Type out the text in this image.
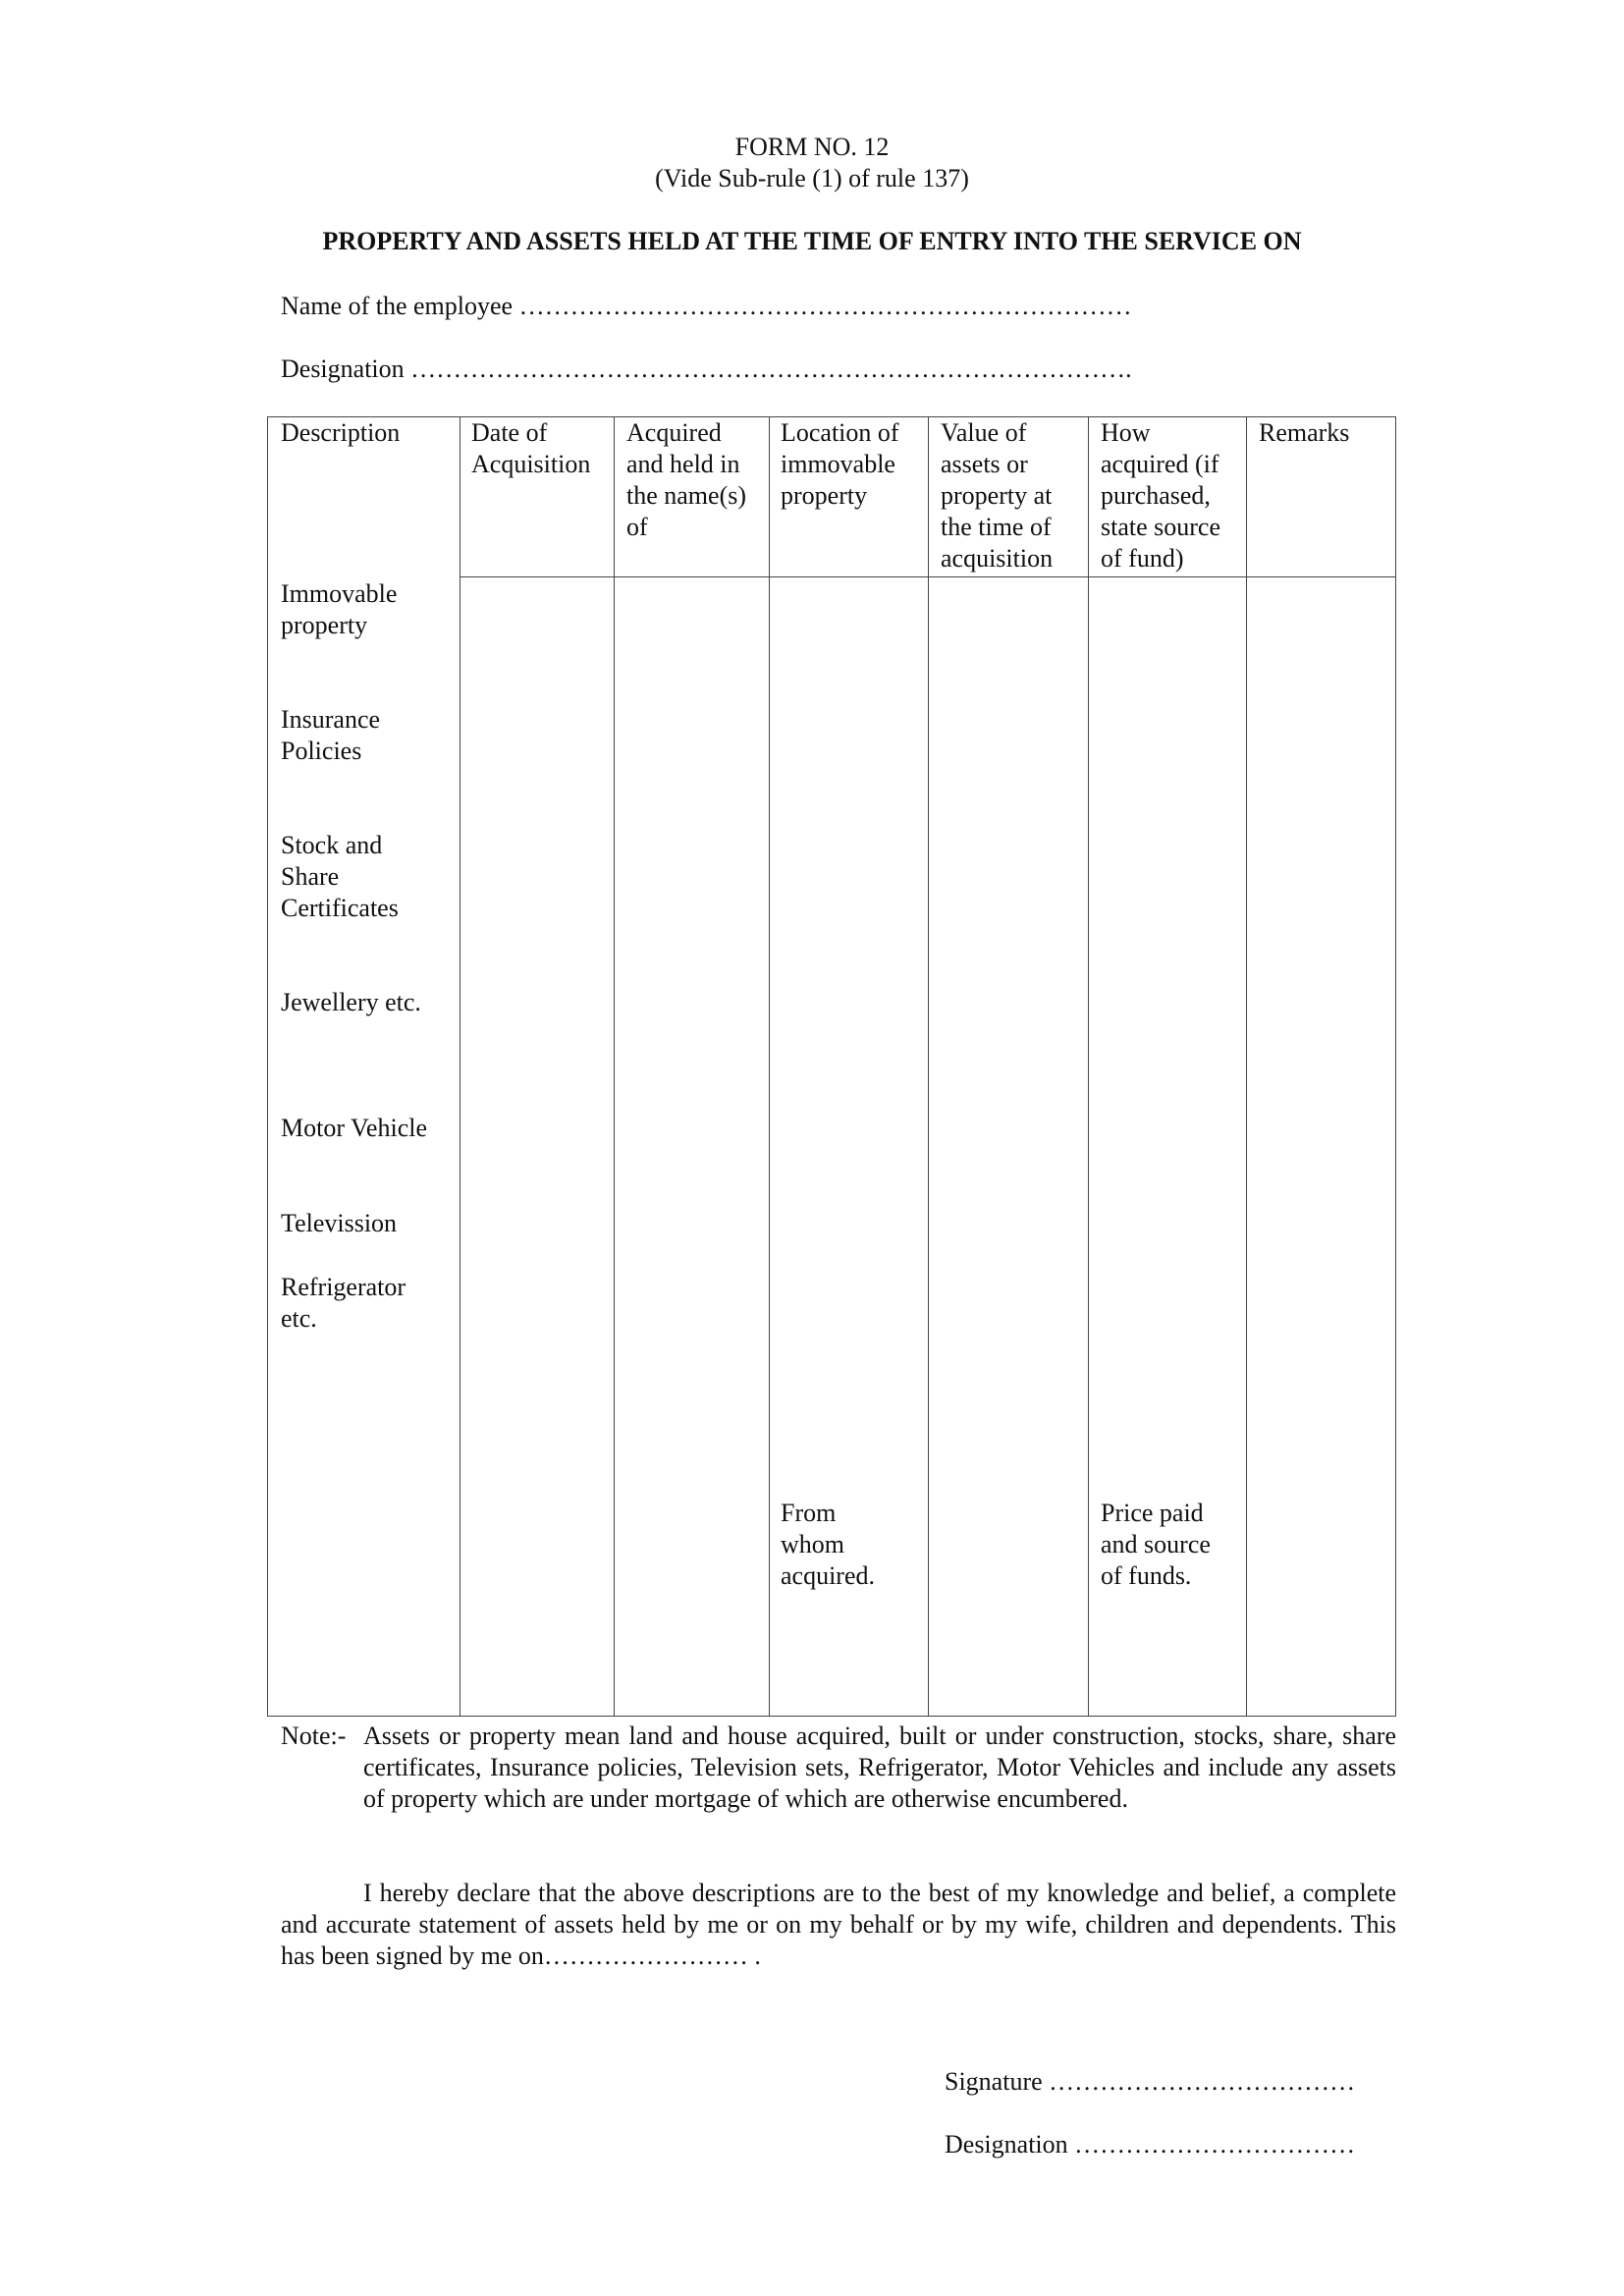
FORM NO. 12
(Vide Sub-rule (1) of rule 137)
PROPERTY AND ASSETS HELD AT THE TIME OF ENTRY INTO THE SERVICE ON
Name of the employee ………………………………………………………………
Designation ………………………………………………………………………….
Description	Date of Acquisition
Acquired and held in the name(s) of
Location of immovable property
Value of assets or property at the time of acquisition
How acquired (if purchased, state source of fund)
Remarks
Immovable property
Insurance Policies
Stock and Share Certificates
Jewellery etc.
Motor Vehicle
Televission
Refrigerator etc.
From whom acquired.
Price paid and source of funds.
Note:- Assets or property mean land and house acquired, built or under construction, stocks, share, share certificates, Insurance policies, Television sets, Refrigerator, Motor Vehicles and include any assets of property which are under mortgage of which are otherwise encumbered.
I hereby declare that the above descriptions are to the best of my knowledge and belief, a complete and accurate statement of assets held by me or on my behalf or by my wife, children and dependents. This has been signed by me on…………………… .
Signature ………………………………
Designation ……………………………
